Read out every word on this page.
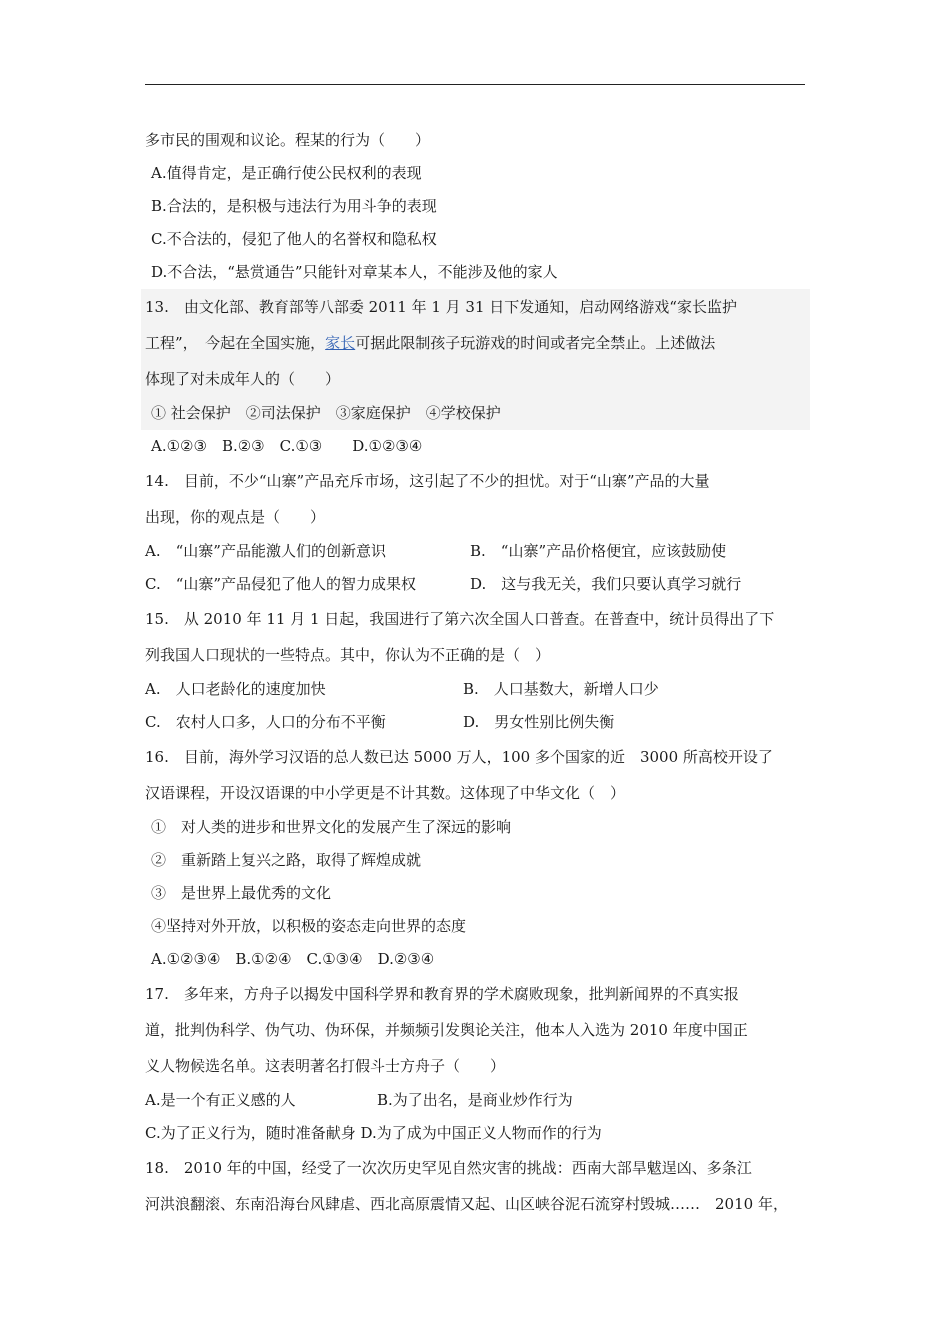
多市民的围观和议论。程某的行为（　　）
A.值得肯定，是正确行使公民权利的表现
B.合法的，是积极与违法行为用斗争的表现
C.不合法的，侵犯了他人的名誉权和隐私权
D.不合法，“悬赏通告”只能针对章某本人，不能涉及他的家人
13.　由文化部、教育部等八部委 2011 年 1 月 31 日下发通知，启动网络游戏“家长监护
工程”，　今起在全国实施，家长可据此限制孩子玩游戏的时间或者完全禁止。上述做法
体现了对未成年人的（　　）
① 社会保护　②司法保护　③家庭保护　④学校保护
A.①②③　B.②③　C.①③　　D.①②③④
14.　目前，不少“山寨”产品充斥市场，这引起了不少的担忧。对于“山寨”产品的大量
出现，你的观点是（　　）
A.　“山寨”产品能激人们的创新意识	B.　“山寨”产品价格便宜，应该鼓励使
C.　“山寨”产品侵犯了他人的智力成果权	D.　这与我无关，我们只要认真学习就行
15.　从 2010 年 11 月 1 日起，我国进行了第六次全国人口普查。在普查中，统计员得出了下
列我国人口现状的一些特点。其中，你认为不正确的是（　）
A.　人口老龄化的速度加快	B.　人口基数大，新增人口少
C.　农村人口多，人口的分布不平衡	D.　男女性别比例失衡
16.　目前，海外学习汉语的总人数已达 5000 万人，100 多个国家的近　3000 所高校开设了
汉语课程，开设汉语课的中小学更是不计其数。这体现了中华文化（　）
①　对人类的进步和世界文化的发展产生了深远的影响
②　重新踏上复兴之路，取得了辉煌成就
③　是世界上最优秀的文化
④坚持对外开放，以积极的姿态走向世界的态度
A.①②③④　B.①②④　C.①③④　D.②③④
17.　多年来，方舟子以揭发中国科学界和教育界的学术腐败现象，批判新闻界的不真实报
道，批判伪科学、伪气功、伪环保，并频频引发舆论关注，他本人入选为 2010 年度中国正
义人物候选名单。这表明著名打假斗士方舟子（　　）
A.是一个有正义感的人	B.为了出名，是商业炒作行为
C.为了正义行为，随时准备献身 D.为了成为中国正义人物而作的行为
18.　2010 年的中国，经受了一次次历史罕见自然灾害的挑战：西南大部旱魃逞凶、多条江
河洪浪翻滚、东南沿海台风肆虐、西北高原震情又起、山区峡谷泥石流穿村毁城……　2010 年，
